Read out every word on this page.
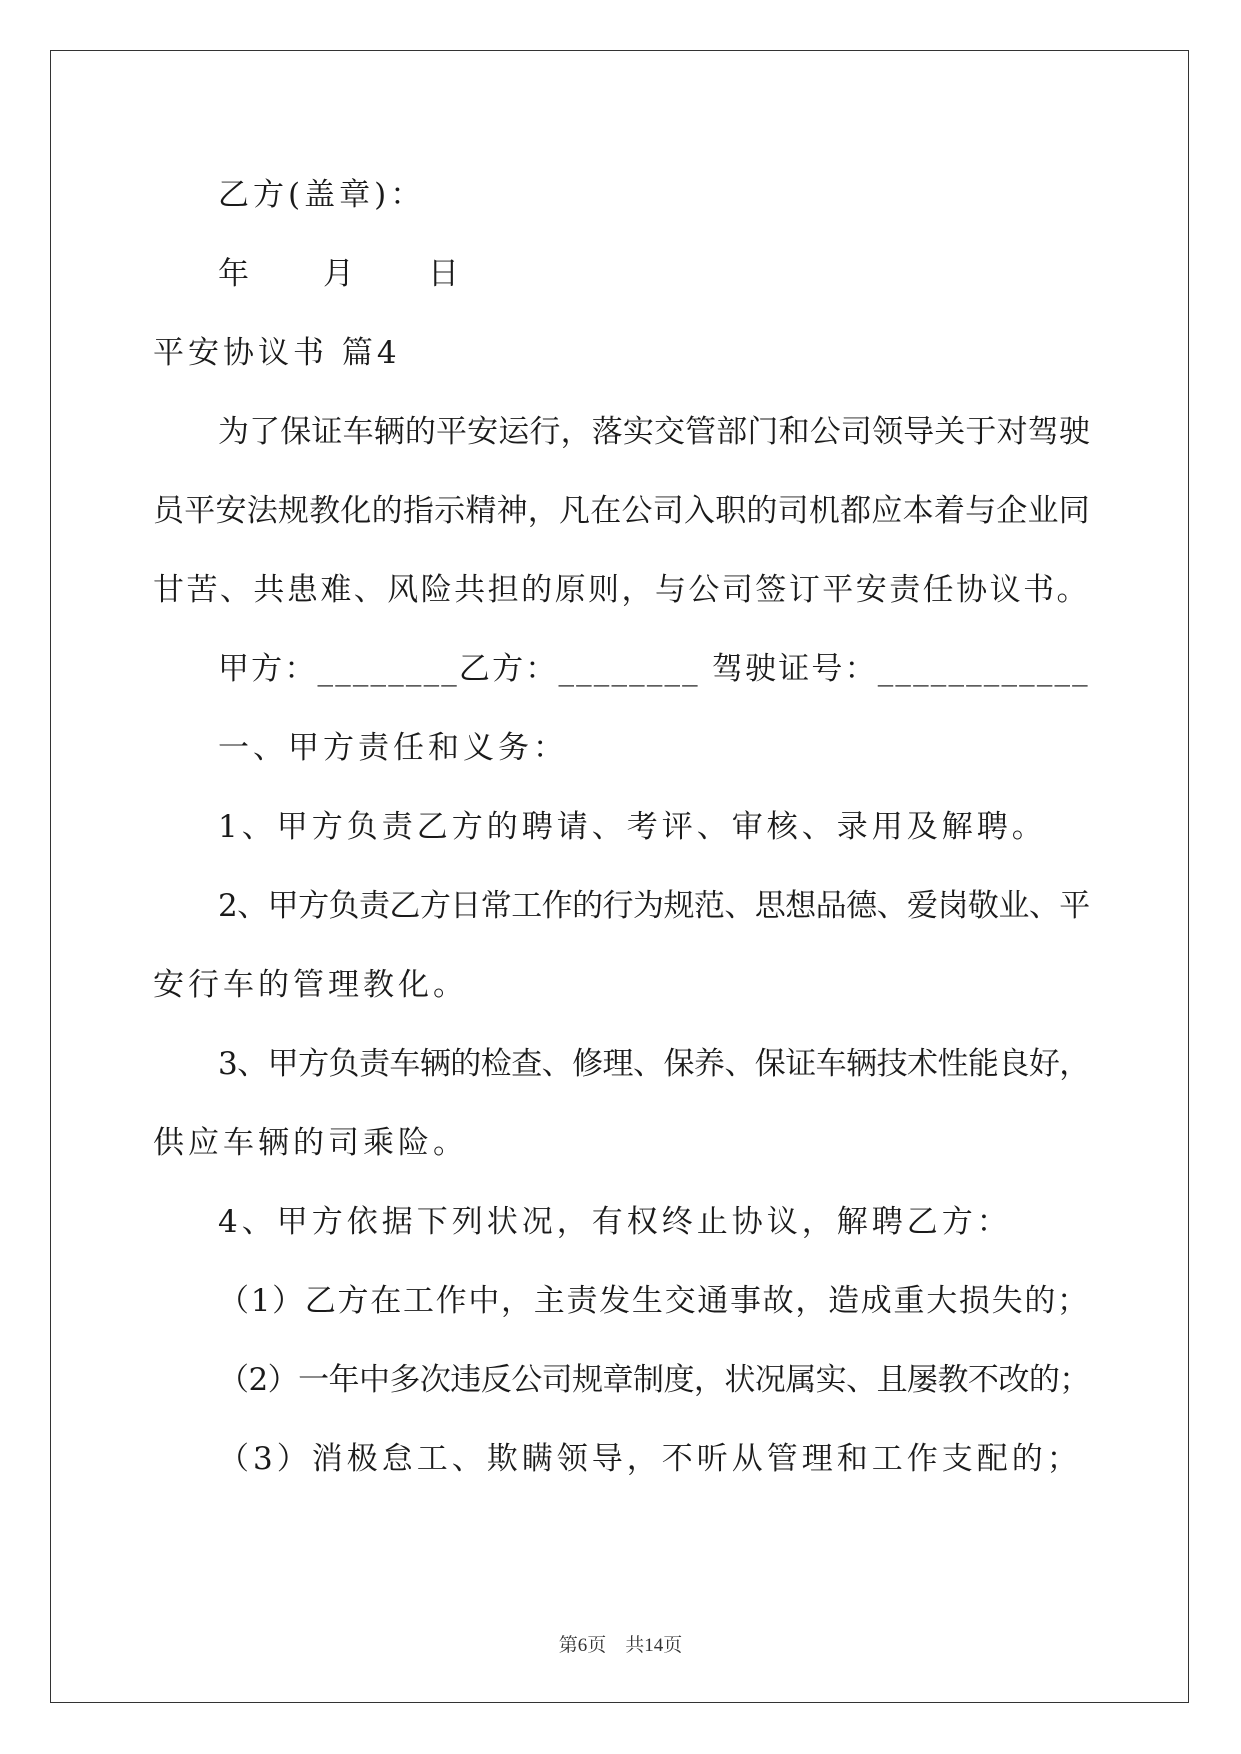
乙方(盖章)：
年　　月　　日
平安协议书 篇4
为了保证车辆的平安运行，落实交管部门和公司领导关于对驾驶
员平安法规教化的指示精神，凡在公司入职的司机都应本着与企业同
甘苦、共患难、风险共担的原则，与公司签订平安责任协议书。
甲方：________乙方：________ 驾驶证号：____________
一、甲方责任和义务：
1、甲方负责乙方的聘请、考评、审核、录用及解聘。
2、甲方负责乙方日常工作的行为规范、思想品德、爱岗敬业、平
安行车的管理教化。
3、甲方负责车辆的检查、修理、保养、保证车辆技术性能良好，
供应车辆的司乘险。
4、甲方依据下列状况，有权终止协议，解聘乙方：
（1）乙方在工作中，主责发生交通事故，造成重大损失的；
（2）一年中多次违反公司规章制度，状况属实、且屡教不改的；
（3）消极怠工、欺瞒领导，不听从管理和工作支配的；
第6页 共14页
